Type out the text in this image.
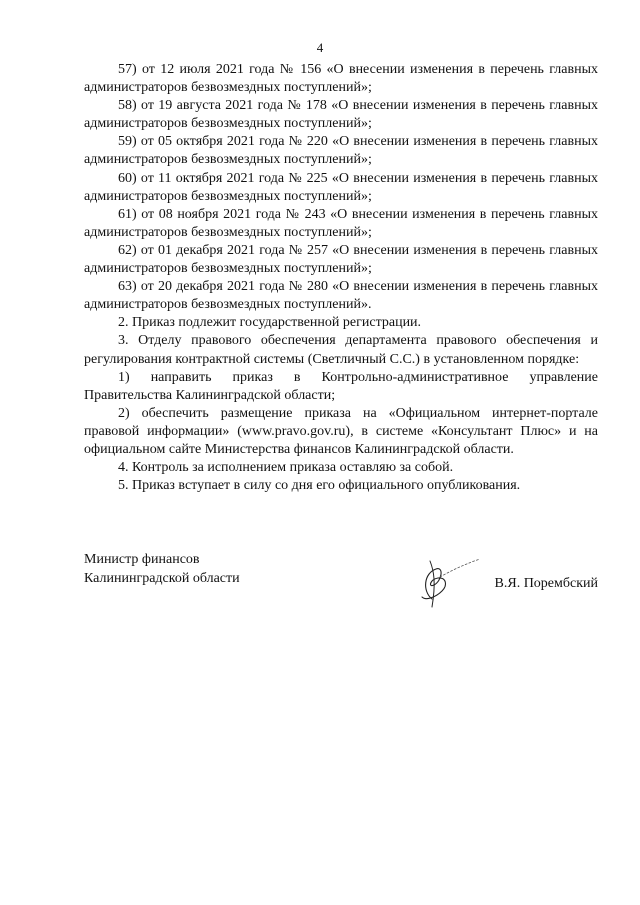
4

57) от 12 июля 2021 года № 156 «О внесении изменения в перечень главных администраторов безвозмездных поступлений»;

58) от 19 августа 2021 года № 178 «О внесении изменения в перечень главных администраторов безвозмездных поступлений»;

59) от 05 октября 2021 года № 220 «О внесении изменения в перечень главных администраторов безвозмездных поступлений»;

60) от 11 октября 2021 года № 225 «О внесении изменения в перечень главных администраторов безвозмездных поступлений»;

61) от 08 ноября 2021 года № 243 «О внесении изменения в перечень главных администраторов безвозмездных поступлений»;

62) от 01 декабря 2021 года № 257 «О внесении изменения в перечень главных администраторов безвозмездных поступлений»;

63) от 20 декабря 2021 года № 280 «О внесении изменения в перечень главных администраторов безвозмездных поступлений».

2. Приказ подлежит государственной регистрации.

3. Отделу правового обеспечения департамента правового обеспечения и регулирования контрактной системы (Светличный С.С.) в установленном порядке:

1) направить приказ в Контрольно-административное управление Правительства Калининградской области;

2) обеспечить размещение приказа на «Официальном интернет-портале правовой информации» (www.pravo.gov.ru), в системе «Консультант Плюс» и на официальном сайте Министерства финансов Калининградской области.

4. Контроль за исполнением приказа оставляю за собой.

5. Приказ вступает в силу со дня его официального опубликования.

Министр финансов
Калининградской области	В.Я. Порембский
